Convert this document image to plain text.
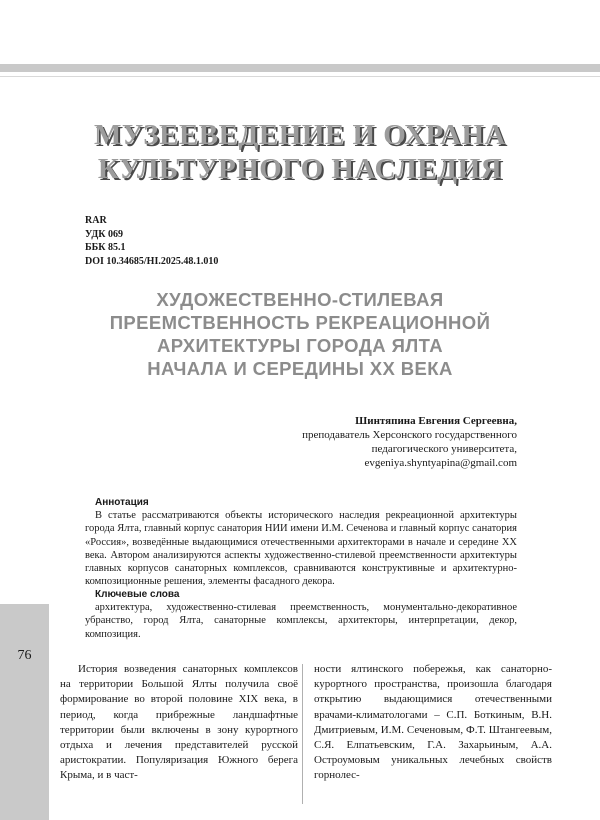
МУЗЕЕВЕДЕНИЕ И ОХРАНА
КУЛЬТУРНОГО НАСЛЕДИЯ
RAR
УДК 069
ББК 85.1
DOI 10.34685/HI.2025.48.1.010
ХУДОЖЕСТВЕННО-СТИЛЕВАЯ
ПРЕЕМСТВЕННОСТЬ РЕКРЕАЦИОННОЙ
АРХИТЕКТУРЫ ГОРОДА ЯЛТА
НАЧАЛА И СЕРЕДИНЫ XX ВЕКА
Шинтяпина Евгения Сергеевна,
преподаватель Херсонского государственного
педагогического университета,
evgeniya.shyntyapina@gmail.com
Аннотация
В статье рассматриваются объекты исторического наследия рекреационной архитектуры города Ялта, главный корпус санатория НИИ имени И.М. Сеченова и главный корпус санатория «Россия», возведённые выдающимися отечественными архитекторами в начале и середине XX века. Автором анализируются аспекты художественно-стилевой преемственности архитектуры главных корпусов санаторных комплексов, сравниваются конструктивные и архитектурно-композиционные решения, элементы фасадного декора.
Ключевые слова
архитектура, художественно-стилевая преемственность, монументально-декоративное убранство, город Ялта, санаторные комплексы, архитекторы, интерпретации, декор, композиция.
76
История возведения санаторных комплексов на территории Большой Ялты получила своё формирование во второй половине XIX века, в период, когда прибрежные ландшафтные территории были включены в зону курортного отдыха и лечения представителей русской аристократии. Популяризация Южного берега Крыма, и в част-
ности ялтинского побережья, как санаторно-курортного пространства, произошла благодаря открытию выдающимися отечественными врачами-климатологами – С.П. Боткиным, В.Н. Дмитриевым, И.М. Сеченовым, Ф.Т. Штангеевым, С.Я. Елпатьевским, Г.А. Захарьиным, А.А. Остроумовым уникальных лечебных свойств горнолес-
